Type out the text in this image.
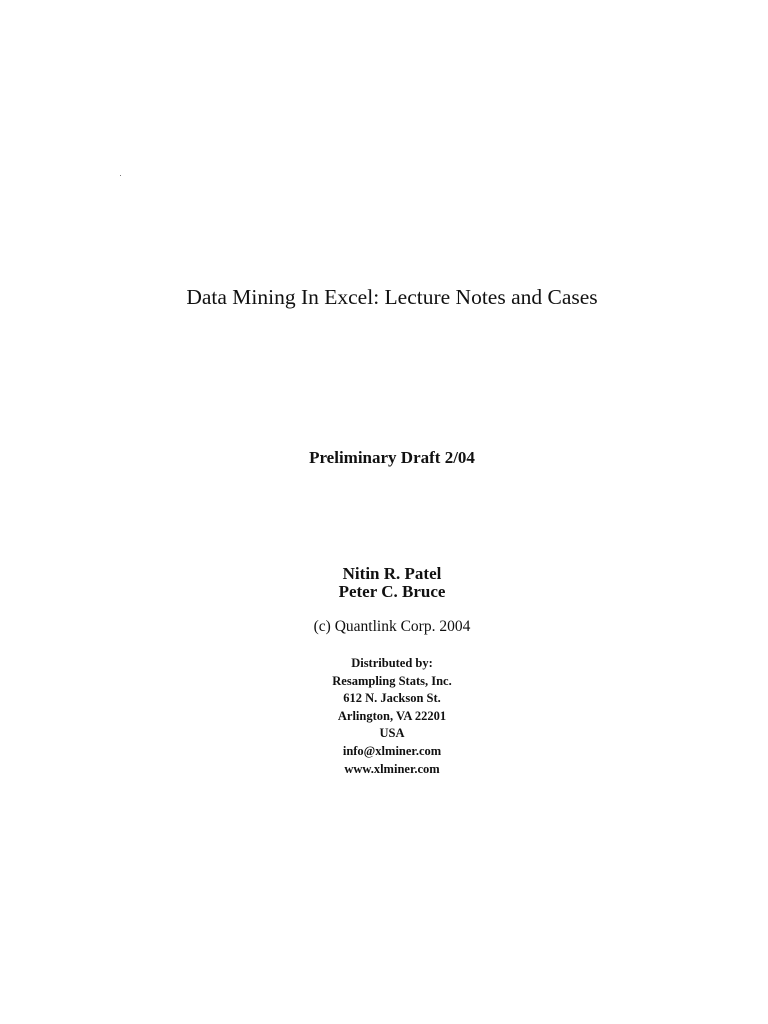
Data Mining In Excel: Lecture Notes and Cases
Preliminary Draft 2/04
Nitin R. Patel
Peter C. Bruce
(c) Quantlink Corp. 2004
Distributed by:
Resampling Stats, Inc.
612 N. Jackson St.
Arlington, VA 22201
USA
info@xlminer.com
www.xlminer.com
